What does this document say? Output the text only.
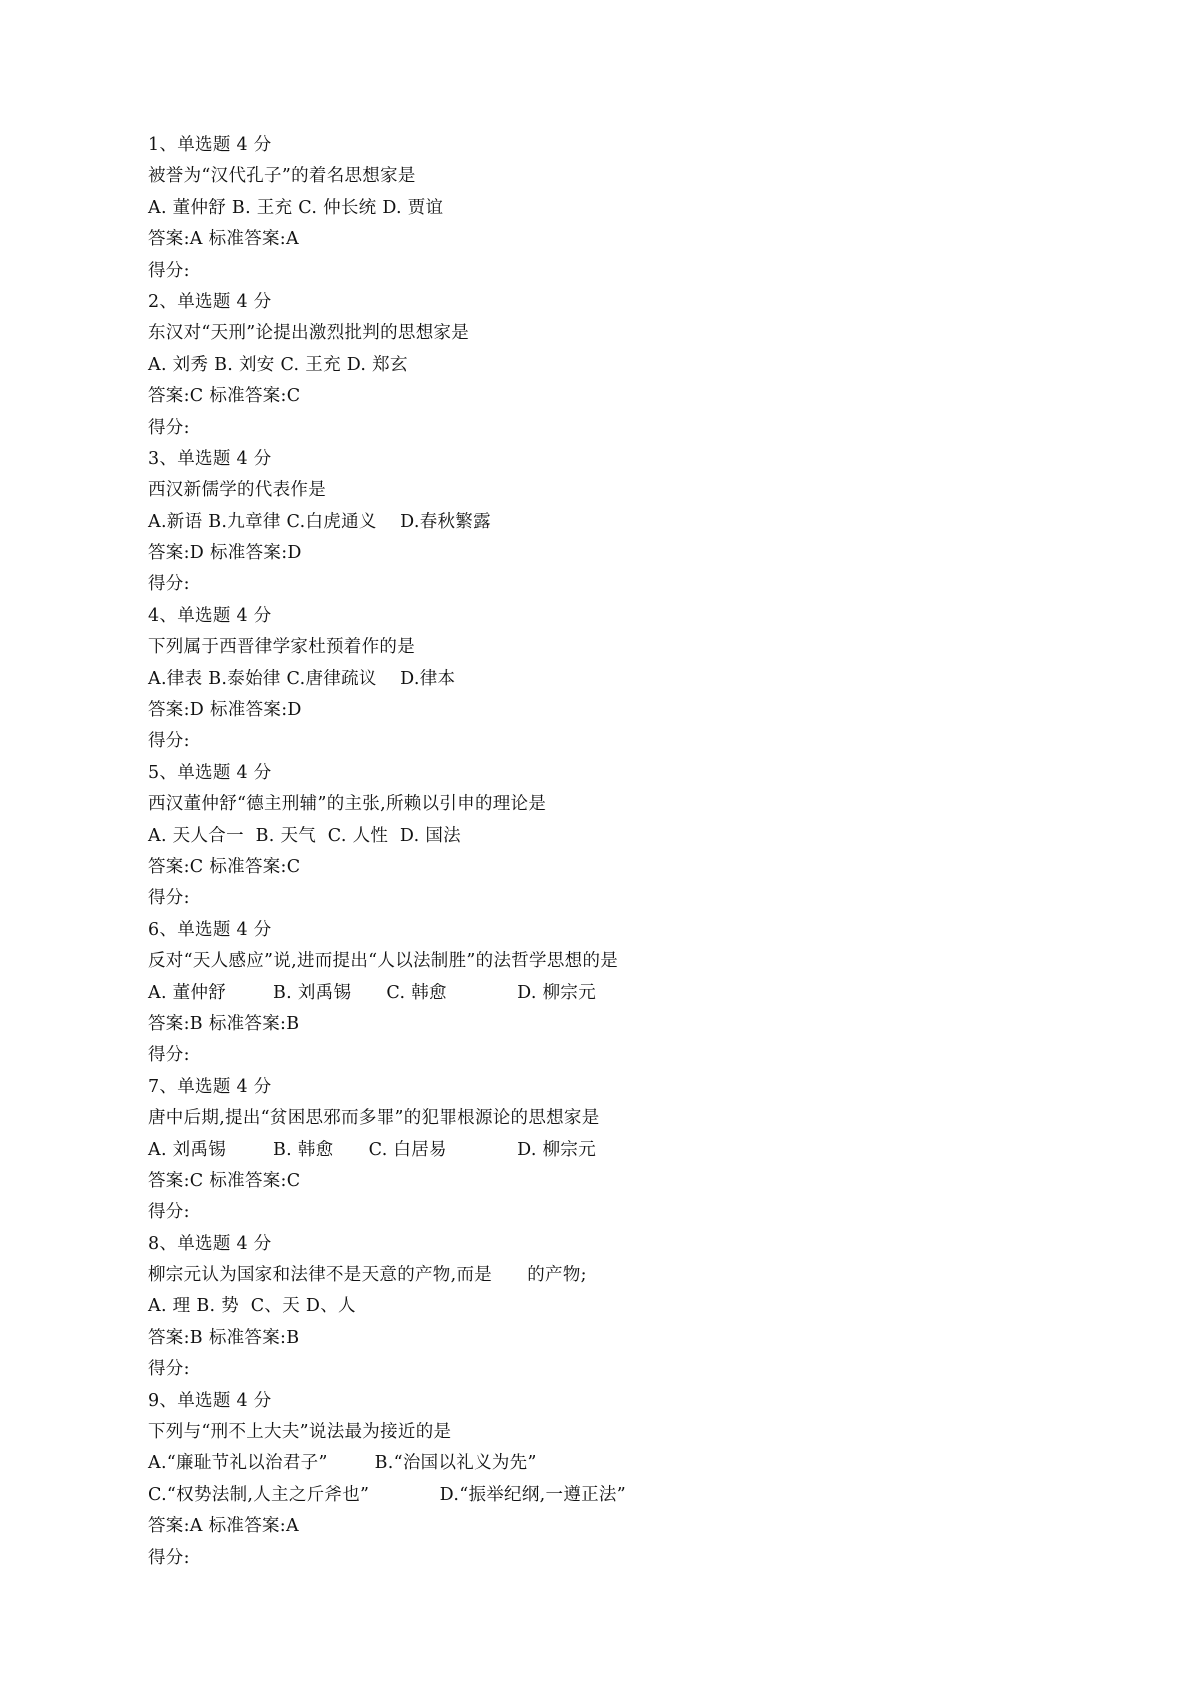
1、单选题 4 分
被誉为“汉代孔子”的着名思想家是
A. 董仲舒 B. 王充 C. 仲长统 D. 贾谊
答案:A 标准答案:A
得分:
2、单选题 4 分
东汉对“天刑”论提出激烈批判的思想家是
A. 刘秀 B. 刘安 C. 王充 D. 郑玄
答案:C 标准答案:C
得分:
3、单选题 4 分
西汉新儒学的代表作是
A.新语 B.九章律 C.白虎通义    D.春秋繁露
答案:D 标准答案:D
得分:
4、单选题 4 分
下列属于西晋律学家杜预着作的是
A.律表 B.泰始律 C.唐律疏议    D.律本
答案:D 标准答案:D
得分:
5、单选题 4 分
西汉董仲舒“德主刑辅”的主张,所赖以引申的理论是
A. 天人合一  B. 天气  C. 人性  D. 国法
答案:C 标准答案:C
得分:
6、单选题 4 分
反对“天人感应”说,进而提出“人以法制胜”的法哲学思想的是
A. 董仲舒        B. 刘禹锡      C. 韩愈            D. 柳宗元
答案:B 标准答案:B
得分:
7、单选题 4 分
唐中后期,提出“贫困思邪而多罪”的犯罪根源论的思想家是
A. 刘禹锡        B. 韩愈      C. 白居易            D. 柳宗元
答案:C 标准答案:C
得分:
8、单选题 4 分
柳宗元认为国家和法律不是天意的产物,而是      的产物;
A. 理 B. 势  C、天 D、人
答案:B 标准答案:B
得分:
9、单选题 4 分
下列与“刑不上大夫”说法最为接近的是
A.“廉耻节礼以治君子”        B.“治国以礼义为先”
C.“权势法制,人主之斤斧也”            D.“振举纪纲,一遵正法”
答案:A 标准答案:A
得分:
